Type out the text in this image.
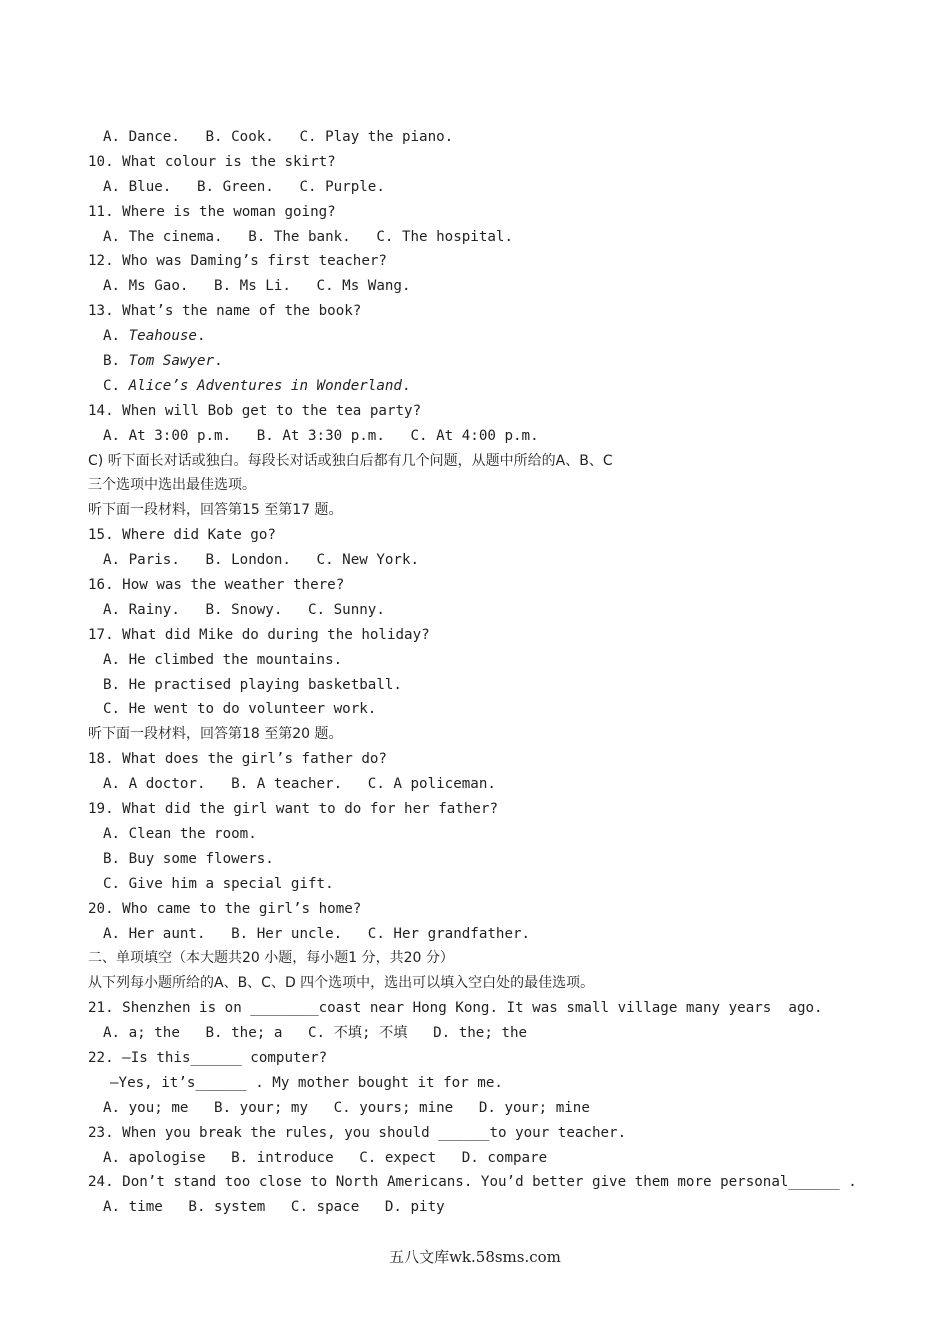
A. Dance.   B. Cook.   C. Play the piano.
10. What colour is the skirt?
A. Blue.   B. Green.   C. Purple.
11. Where is the woman going?
A. The cinema.   B. The bank.   C. The hospital.
12. Who was Daming’s first teacher?
A. Ms Gao.   B. Ms Li.   C. Ms Wang.
13. What’s the name of the book?
A. Teahouse.
B. Tom Sawyer.
C. Alice’s Adventures in Wonderland.
14. When will Bob get to the tea party?
A. At 3:00 p.m.   B. At 3:30 p.m.   C. At 4:00 p.m.
C) 听下面长对话或独白。每段长对话或独白后都有几个问题，从题中所给的A、B、C
三个选项中选出最佳选项。
听下面一段材料，回答第15 至第17 题。
15. Where did Kate go?
A. Paris.   B. London.   C. New York.
16. How was the weather there?
A. Rainy.   B. Snowy.   C. Sunny.
17. What did Mike do during the holiday?
A. He climbed the mountains.
B. He practised playing basketball.
C. He went to do volunteer work.
听下面一段材料，回答第18 至第20 题。
18. What does the girl’s father do?
A. A doctor.   B. A teacher.   C. A policeman.
19. What did the girl want to do for her father?
A. Clean the room.
B. Buy some flowers.
C. Give him a special gift.
20. Who came to the girl’s home?
A. Her aunt.   B. Her uncle.   C. Her grandfather.
二、单项填空（本大题共20 小题，每小题1 分，共20 分）
从下列每小题所给的A、B、C、D 四个选项中，选出可以填入空白处的最佳选项。
21. Shenzhen is on ________coast near Hong Kong. It was small village many years  ago.
A. a; the   B. the; a   C. 不填; 不填   D. the; the
22. —Is this______ computer?
—Yes, it’s______ . My mother bought it for me.
A. you; me   B. your; my   C. yours; mine   D. your; mine
23. When you break the rules, you should ______to your teacher.
A. apologise   B. introduce   C. expect   D. compare
24. Don’t stand too close to North Americans. You’d better give them more personal______ .
A. time   B. system   C. space   D. pity
五八文库wk.58sms.com
